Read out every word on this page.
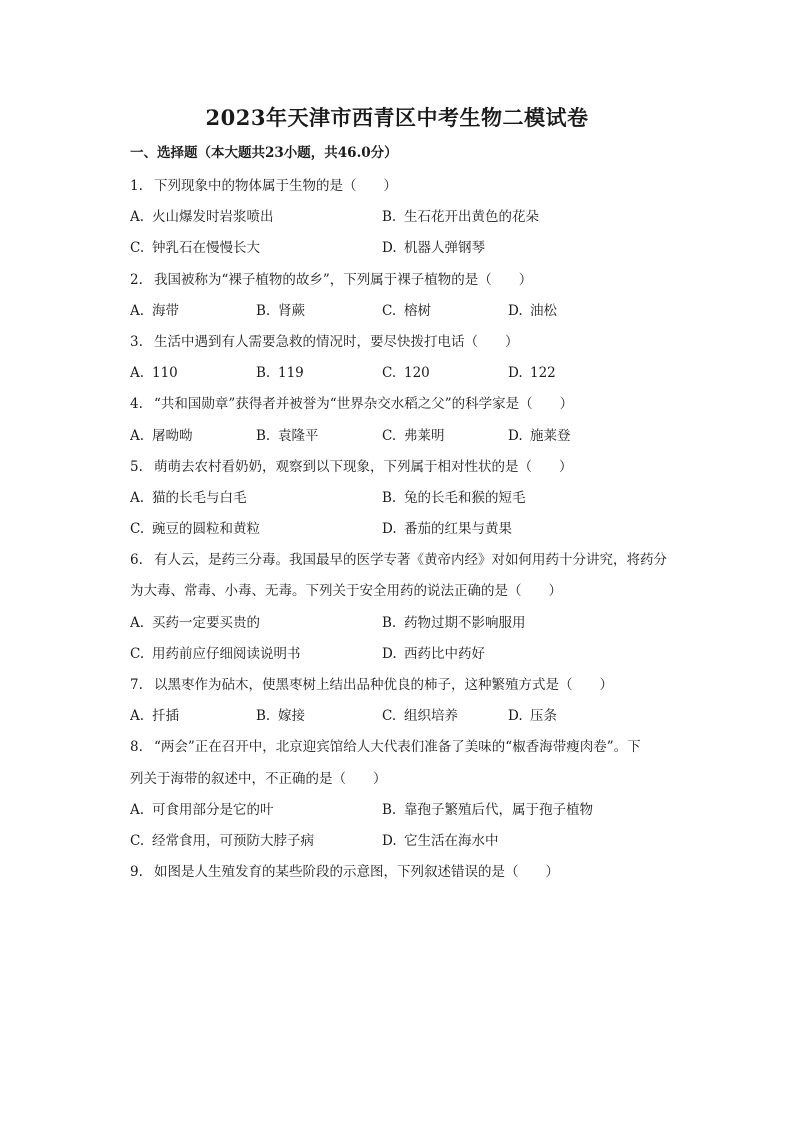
2023年天津市西青区中考生物二模试卷
一、选择题（本大题共23小题，共46.0分）
1. 下列现象中的物体属于生物的是（　　）
A. 火山爆发时岩浆喷出	B. 生石花开出黄色的花朵
C. 钟乳石在慢慢长大	D. 机器人弹钢琴
2. 我国被称为“裸子植物的故乡”，下列属于裸子植物的是（　　）
A. 海带	B. 肾蕨	C. 榕树	D. 油松
3. 生活中遇到有人需要急救的情况时，要尽快拨打电话（　　）
A. 110	B. 119	C. 120	D. 122
4. “共和国勋章”获得者并被誉为“世界杂交水稻之父”的科学家是（　　）
A. 屠呦呦	B. 袁隆平	C. 弗莱明	D. 施莱登
5. 萌萌去农村看奶奶，观察到以下现象，下列属于相对性状的是（　　）
A. 猫的长毛与白毛	B. 兔的长毛和猴的短毛
C. 豌豆的圆粒和黄粒	D. 番茄的红果与黄果
6. 有人云，是药三分毒。我国最早的医学专著《黄帝内经》对如何用药十分讲究，将药分
为大毒、常毒、小毒、无毒。下列关于安全用药的说法正确的是（　　）
A. 买药一定要买贵的	B. 药物过期不影响服用
C. 用药前应仔细阅读说明书	D. 西药比中药好
7. 以黑枣作为砧木，使黑枣树上结出品种优良的柿子，这种繁殖方式是（　　）
A. 扦插	B. 嫁接	C. 组织培养	D. 压条
8. “两会”正在召开中，北京迎宾馆给人大代表们准备了美味的“椒香海带瘦肉卷”。下
列关于海带的叙述中，不正确的是（　　）
A. 可食用部分是它的叶	B. 靠孢子繁殖后代，属于孢子植物
C. 经常食用，可预防大脖子病	D. 它生活在海水中
9. 如图是人生殖发育的某些阶段的示意图，下列叙述错误的是（　　）
